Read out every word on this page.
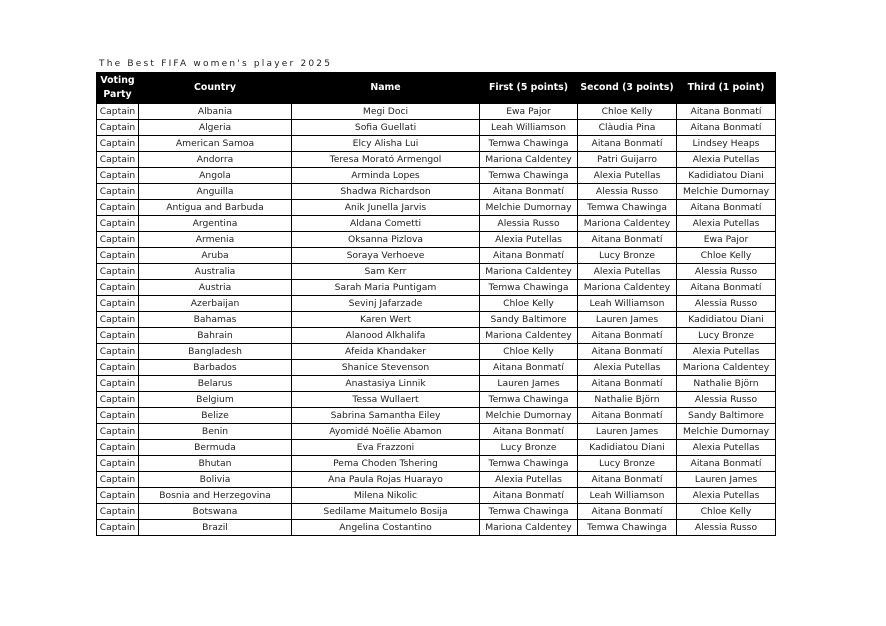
The Best FIFA women's player 2025
Voting Party	Country	Name	First (5 points)	Second (3 points)	Third (1 point)
Captain	Albania	Megi Doci	Ewa Pajor	Chloe Kelly	Aitana Bonmatí
Captain	Algeria	Sofia Guellati	Leah Williamson	Clàudia Pina	Aitana Bonmatí
Captain	American Samoa	Elcy Alisha Lui	Temwa Chawinga	Aitana Bonmatí	Lindsey Heaps
Captain	Andorra	Teresa Morató Armengol	Mariona Caldentey	Patri Guijarro	Alexia Putellas
Captain	Angola	Arminda Lopes	Temwa Chawinga	Alexia Putellas	Kadidiatou Diani
Captain	Anguilla	Shadwa Richardson	Aitana Bonmatí	Alessia Russo	Melchie Dumornay
Captain	Antigua and Barbuda	Anik Junella Jarvis	Melchie Dumornay	Temwa Chawinga	Aitana Bonmatí
Captain	Argentina	Aldana Cometti	Alessia Russo	Mariona Caldentey	Alexia Putellas
Captain	Armenia	Oksanna Pizlova	Alexia Putellas	Aitana Bonmatí	Ewa Pajor
Captain	Aruba	Soraya Verhoeve	Aitana Bonmatí	Lucy Bronze	Chloe Kelly
Captain	Australia	Sam Kerr	Mariona Caldentey	Alexia Putellas	Alessia Russo
Captain	Austria	Sarah Maria Puntigam	Temwa Chawinga	Mariona Caldentey	Aitana Bonmatí
Captain	Azerbaijan	Sevinj Jafarzade	Chloe Kelly	Leah Williamson	Alessia Russo
Captain	Bahamas	Karen Wert	Sandy Baltimore	Lauren James	Kadidiatou Diani
Captain	Bahrain	Alanood Alkhalifa	Mariona Caldentey	Aitana Bonmatí	Lucy Bronze
Captain	Bangladesh	Afeida Khandaker	Chloe Kelly	Aitana Bonmatí	Alexia Putellas
Captain	Barbados	Shanice Stevenson	Aitana Bonmatí	Alexia Putellas	Mariona Caldentey
Captain	Belarus	Anastasiya Linnik	Lauren James	Aitana Bonmatí	Nathalie Björn
Captain	Belgium	Tessa Wullaert	Temwa Chawinga	Nathalie Björn	Alessia Russo
Captain	Belize	Sabrina Samantha Eiley	Melchie Dumornay	Aitana Bonmatí	Sandy Baltimore
Captain	Benin	Ayomidé Noëlie Abamon	Aitana Bonmatí	Lauren James	Melchie Dumornay
Captain	Bermuda	Eva Frazzoni	Lucy Bronze	Kadidiatou Diani	Alexia Putellas
Captain	Bhutan	Pema Choden Tshering	Temwa Chawinga	Lucy Bronze	Aitana Bonmatí
Captain	Bolivia	Ana Paula Rojas Huarayo	Alexia Putellas	Aitana Bonmatí	Lauren James
Captain	Bosnia and Herzegovina	Milena Nikolic	Aitana Bonmatí	Leah Williamson	Alexia Putellas
Captain	Botswana	Sedilame Maitumelo Bosija	Temwa Chawinga	Aitana Bonmatí	Chloe Kelly
Captain	Brazil	Angelina Costantino	Mariona Caldentey	Temwa Chawinga	Alessia Russo
